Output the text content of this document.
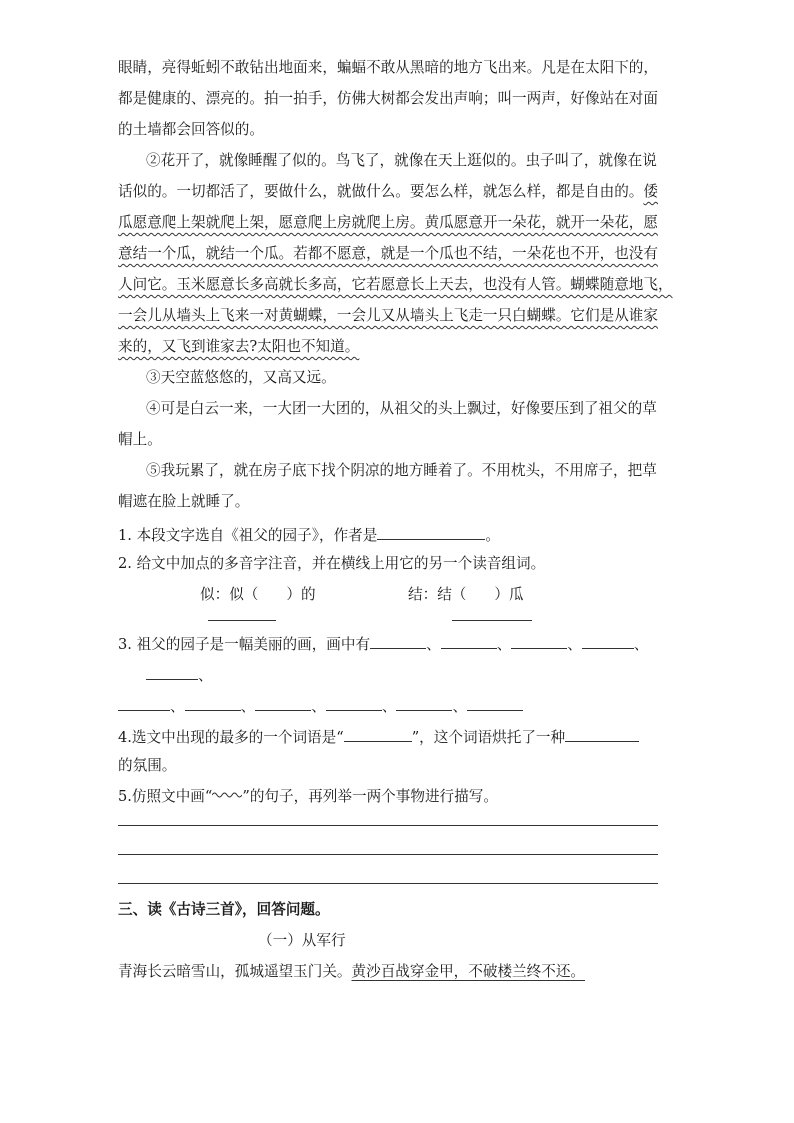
眼睛，亮得蚯蚓不敢钻出地面来，蝙蝠不敢从黑暗的地方飞出来。凡是在太阳下的，
都是健康的、漂亮的。拍一拍手，仿佛大树都会发出声响；叫一两声，好像站在对面
的土墙都会回答似的。
②花开了，就像睡醒了似的。鸟飞了，就像在天上逛似的。虫子叫了，就像在说
话似的。一切都活了，要做什么，就做什么。要怎么样，就怎么样，都是自由的。倭
瓜愿意爬上架就爬上架，愿意爬上房就爬上房。黄瓜愿意开一朵花，就开一朵花，愿
意结一个瓜，就结一个瓜。若都不愿意，就是一个瓜也不结，一朵花也不开，也没有
人问它。玉米愿意长多高就长多高，它若愿意长上天去，也没有人管。蝴蝶随意地飞，
一会儿从墙头上飞来一对黄蝴蝶，一会儿又从墙头上飞走一只白蝴蝶。它们是从谁家
来的，又飞到谁家去?太阳也不知道。
③天空蓝悠悠的，又高又远。
④可是白云一来，一大团一大团的，从祖父的头上飘过，好像要压到了祖父的草
帽上。
⑤我玩累了，就在房子底下找个阴凉的地方睡着了。不用枕头，不用席子，把草
帽遮在脸上就睡了。
1. 本段文字选自《祖父的园子》，作者是	。
2. 给文中加点的多音字注音，并在横线上用它的另一个读音组词。
似：似（ ）的	结：结（ ）瓜
3. 祖父的园子是一幅美丽的画，画中有	、	、	、	、
、
、	、	、	、	、
4.选文中出现的最多的一个词语是“	”，这个词语烘托了一种
的氛围。
5.仿照文中画“ ”的句子，再列举一两个事物进行描写。
三、读《古诗三首》，回答问题。
（一）从军行
青海长云暗雪山，孤城遥望玉门关。黄沙百战穿金甲，不破楼兰终不还。
